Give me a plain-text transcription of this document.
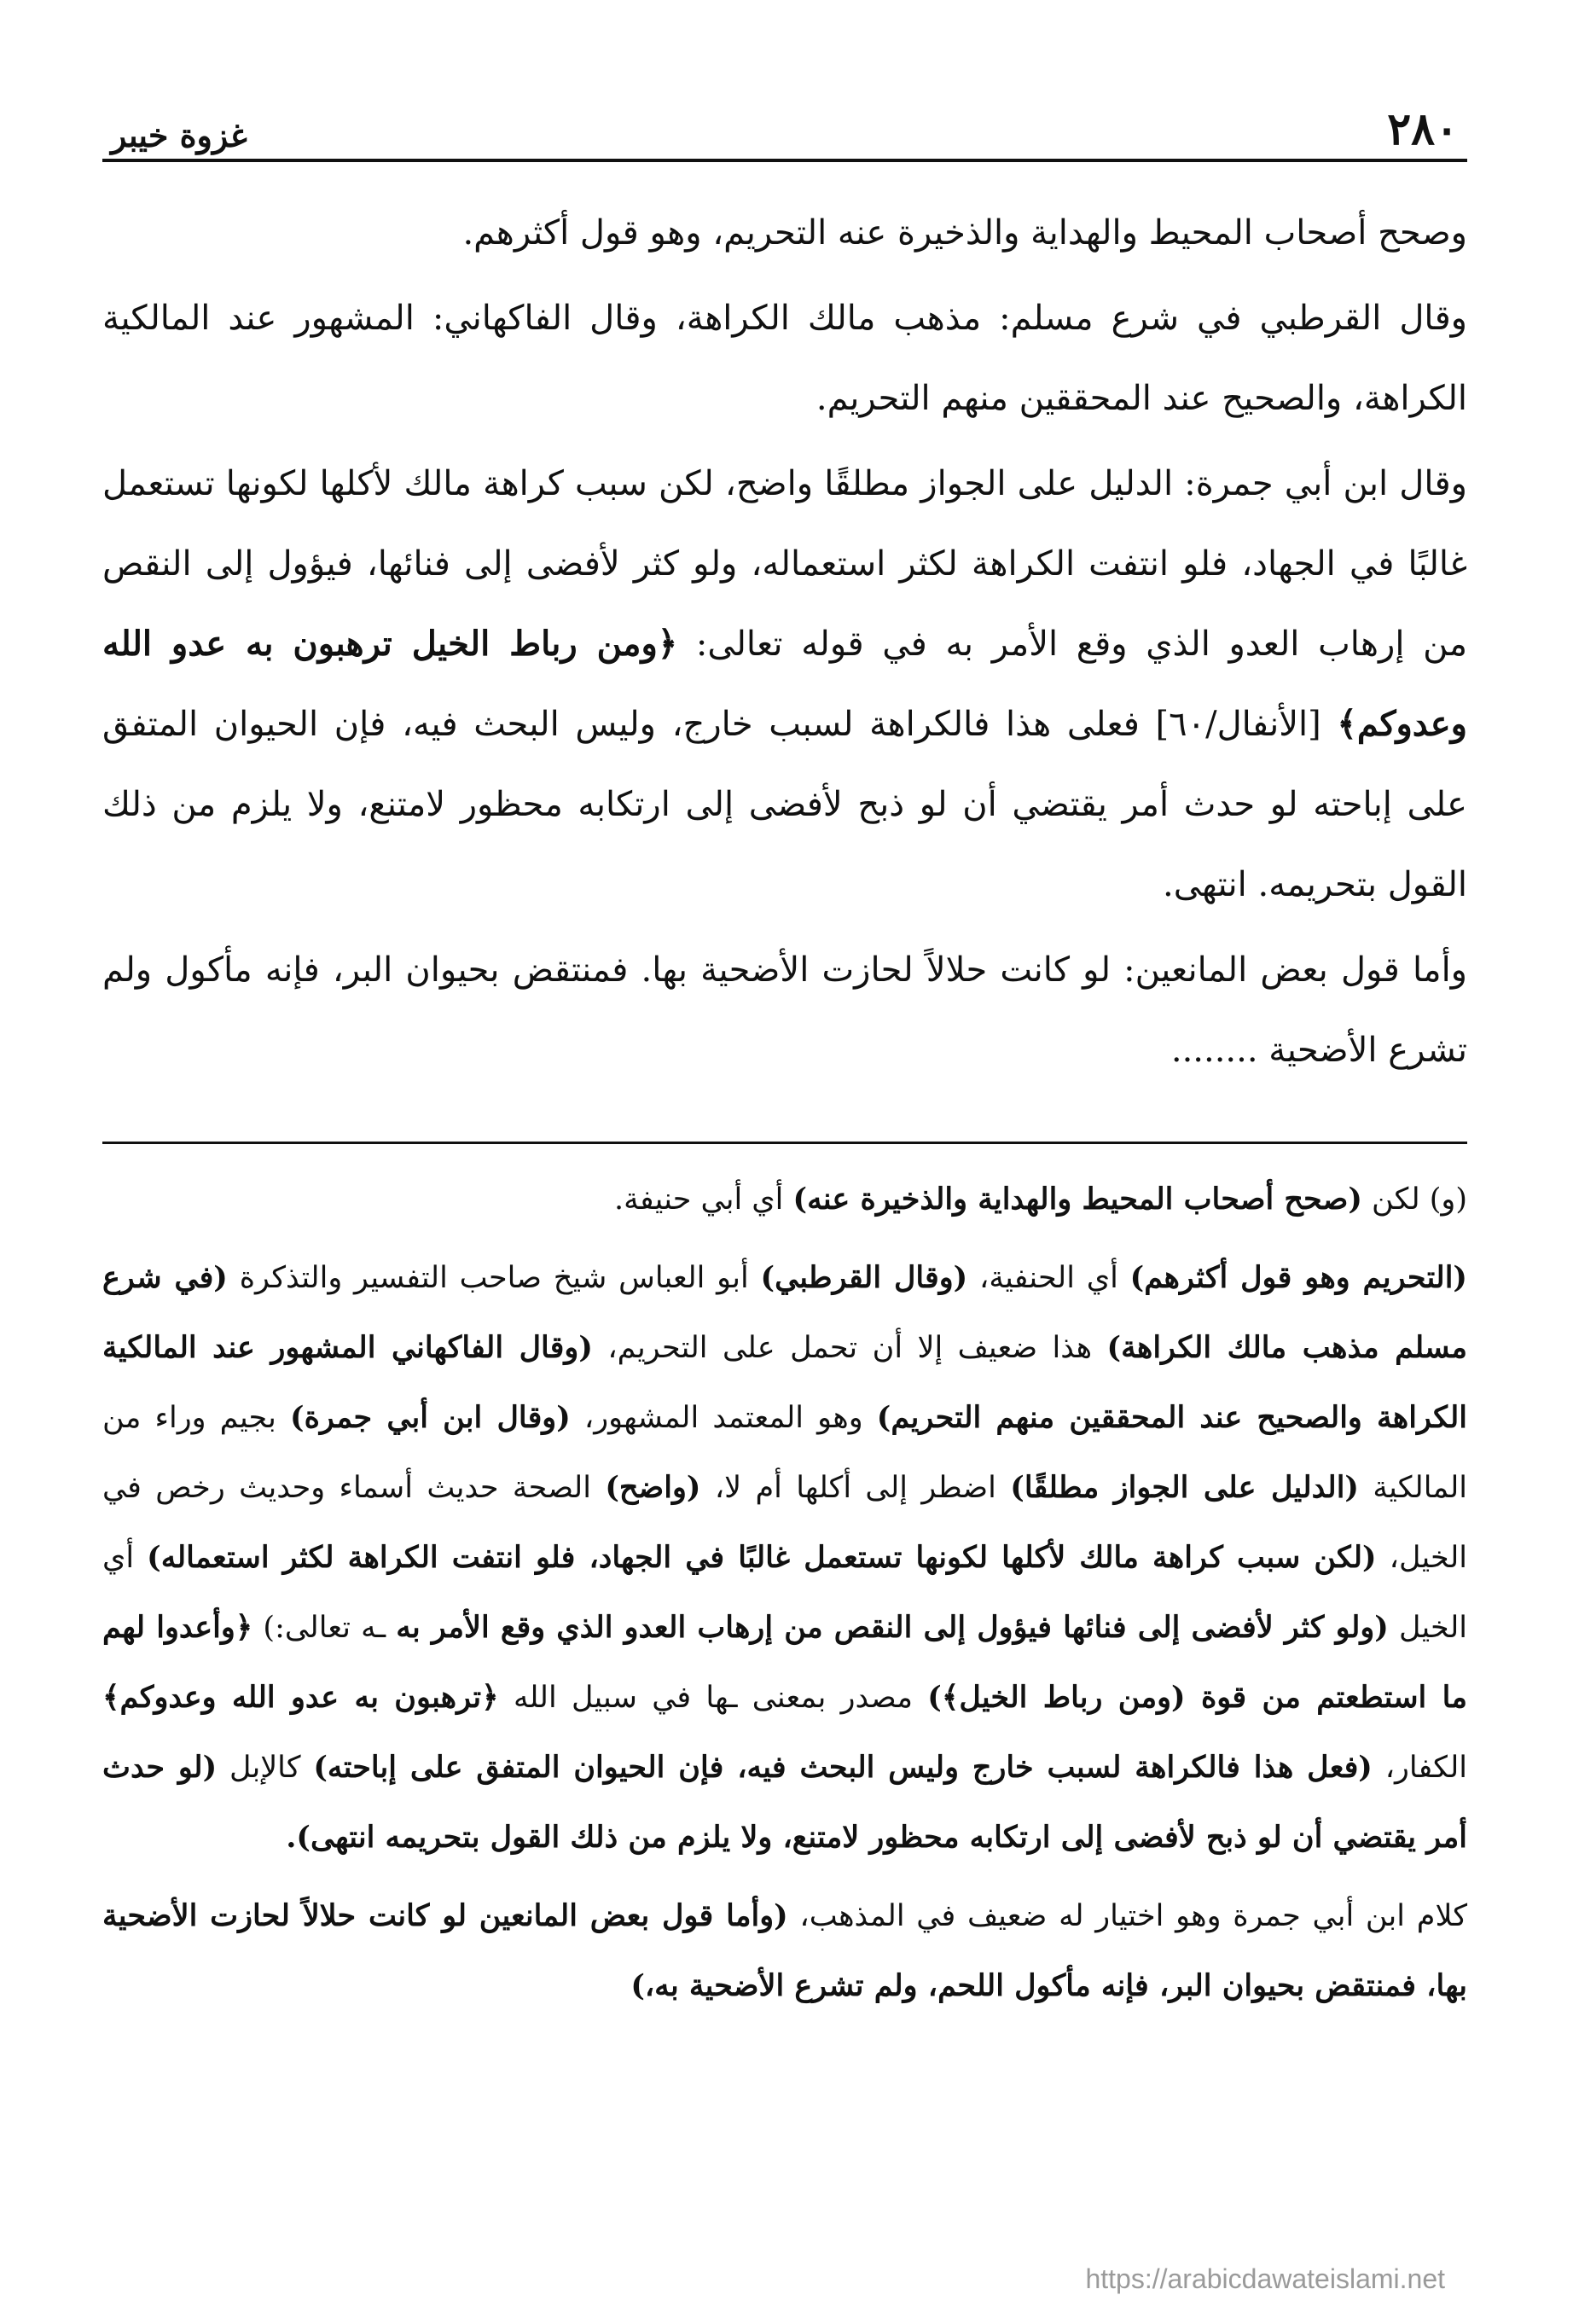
٢٨٠
غزوة خيبر

وصحح أصحاب المحيط والهداية والذخيرة عنه التحريم، وهو قول أكثرهم.

وقال القرطبي في شرع مسلم: مذهب مالك الكراهة، وقال الفاكهاني: المشهور عند المالكية الكراهة، والصحيح عند المحققين منهم التحريم.

وقال ابن أبي جمرة: الدليل على الجواز مطلقًا واضح، لكن سبب كراهة مالك لأكلها لكونها تستعمل غالبًا في الجهاد، فلو انتفت الكراهة لكثر استعماله، ولو كثر لأفضى إلى فنائها، فيؤول إلى النقص من إرهاب العدو الذي وقع الأمر به في قوله تعالى: ﴿ومن رباط الخيل ترهبون به عدو الله وعدوكم﴾ [الأنفال/٦٠] فعلى هذا فالكراهة لسبب خارج، وليس البحث فيه، فإن الحيوان المتفق على إباحته لو حدث أمر يقتضي أن لو ذبح لأفضى إلى ارتكابه محظور لامتنع، ولا يلزم من ذلك القول بتحريمه. انتهى.

وأما قول بعض المانعين: لو كانت حلالاً لحازت الأضحية بها. فمنتقض بحيوان البر، فإنه مأكول ولم تشرع الأضحية ........

(و) لكن (صحح أصحاب المحيط والهداية والذخيرة عنه) أي أبي حنيفة.

(التحريم وهو قول أكثرهم) أي الحنفية، (وقال القرطبي) أبو العباس شيخ صاحب التفسير والتذكرة (في شرع مسلم مذهب مالك الكراهة) هذا ضعيف إلا أن تحمل على التحريم، (وقال الفاكهاني المشهور عند المالكية الكراهة والصحيح عند المحققين منهم التحريم) وهو المعتمد المشهور، (وقال ابن أبي جمرة) بجيم وراء من المالكية (الدليل على الجواز مطلقًا) اضطر إلى أكلها أم لا، (واضح) الصحة حديث أسماء وحديث رخص في الخيل، (لكن سبب كراهة مالك لأكلها لكونها تستعمل غالبًا في الجهاد، فلو انتفت الكراهة لكثر استعماله) أي الخيل (ولو كثر لأفضى إلى فنائها فيؤول إلى النقص من إرهاب العدو الذي وقع الأمر به ـه تعالى:) ﴿وأعدوا لهم ما استطعتم من قوة (ومن رباط الخيل﴾) مصدر بمعنى ـها في سبيل الله ﴿ترهبون به عدو الله وعدوكم﴾ الكفار، (فعل هذا فالكراهة لسبب خارج وليس البحث فيه، فإن الحيوان المتفق على إباحته) كالإبل (لو حدث أمر يقتضي أن لو ذبح لأفضى إلى ارتكابه محظور لامتنع، ولا يلزم من ذلك القول بتحريمه انتهى).

كلام ابن أبي جمرة وهو اختيار له ضعيف في المذهب، (وأما قول بعض المانعين لو كانت حلالاً لحازت الأضحية بها، فمنتقض بحيوان البر، فإنه مأكول اللحم، ولم تشرع الأضحية به،)

https://arabicdawateislami.net
